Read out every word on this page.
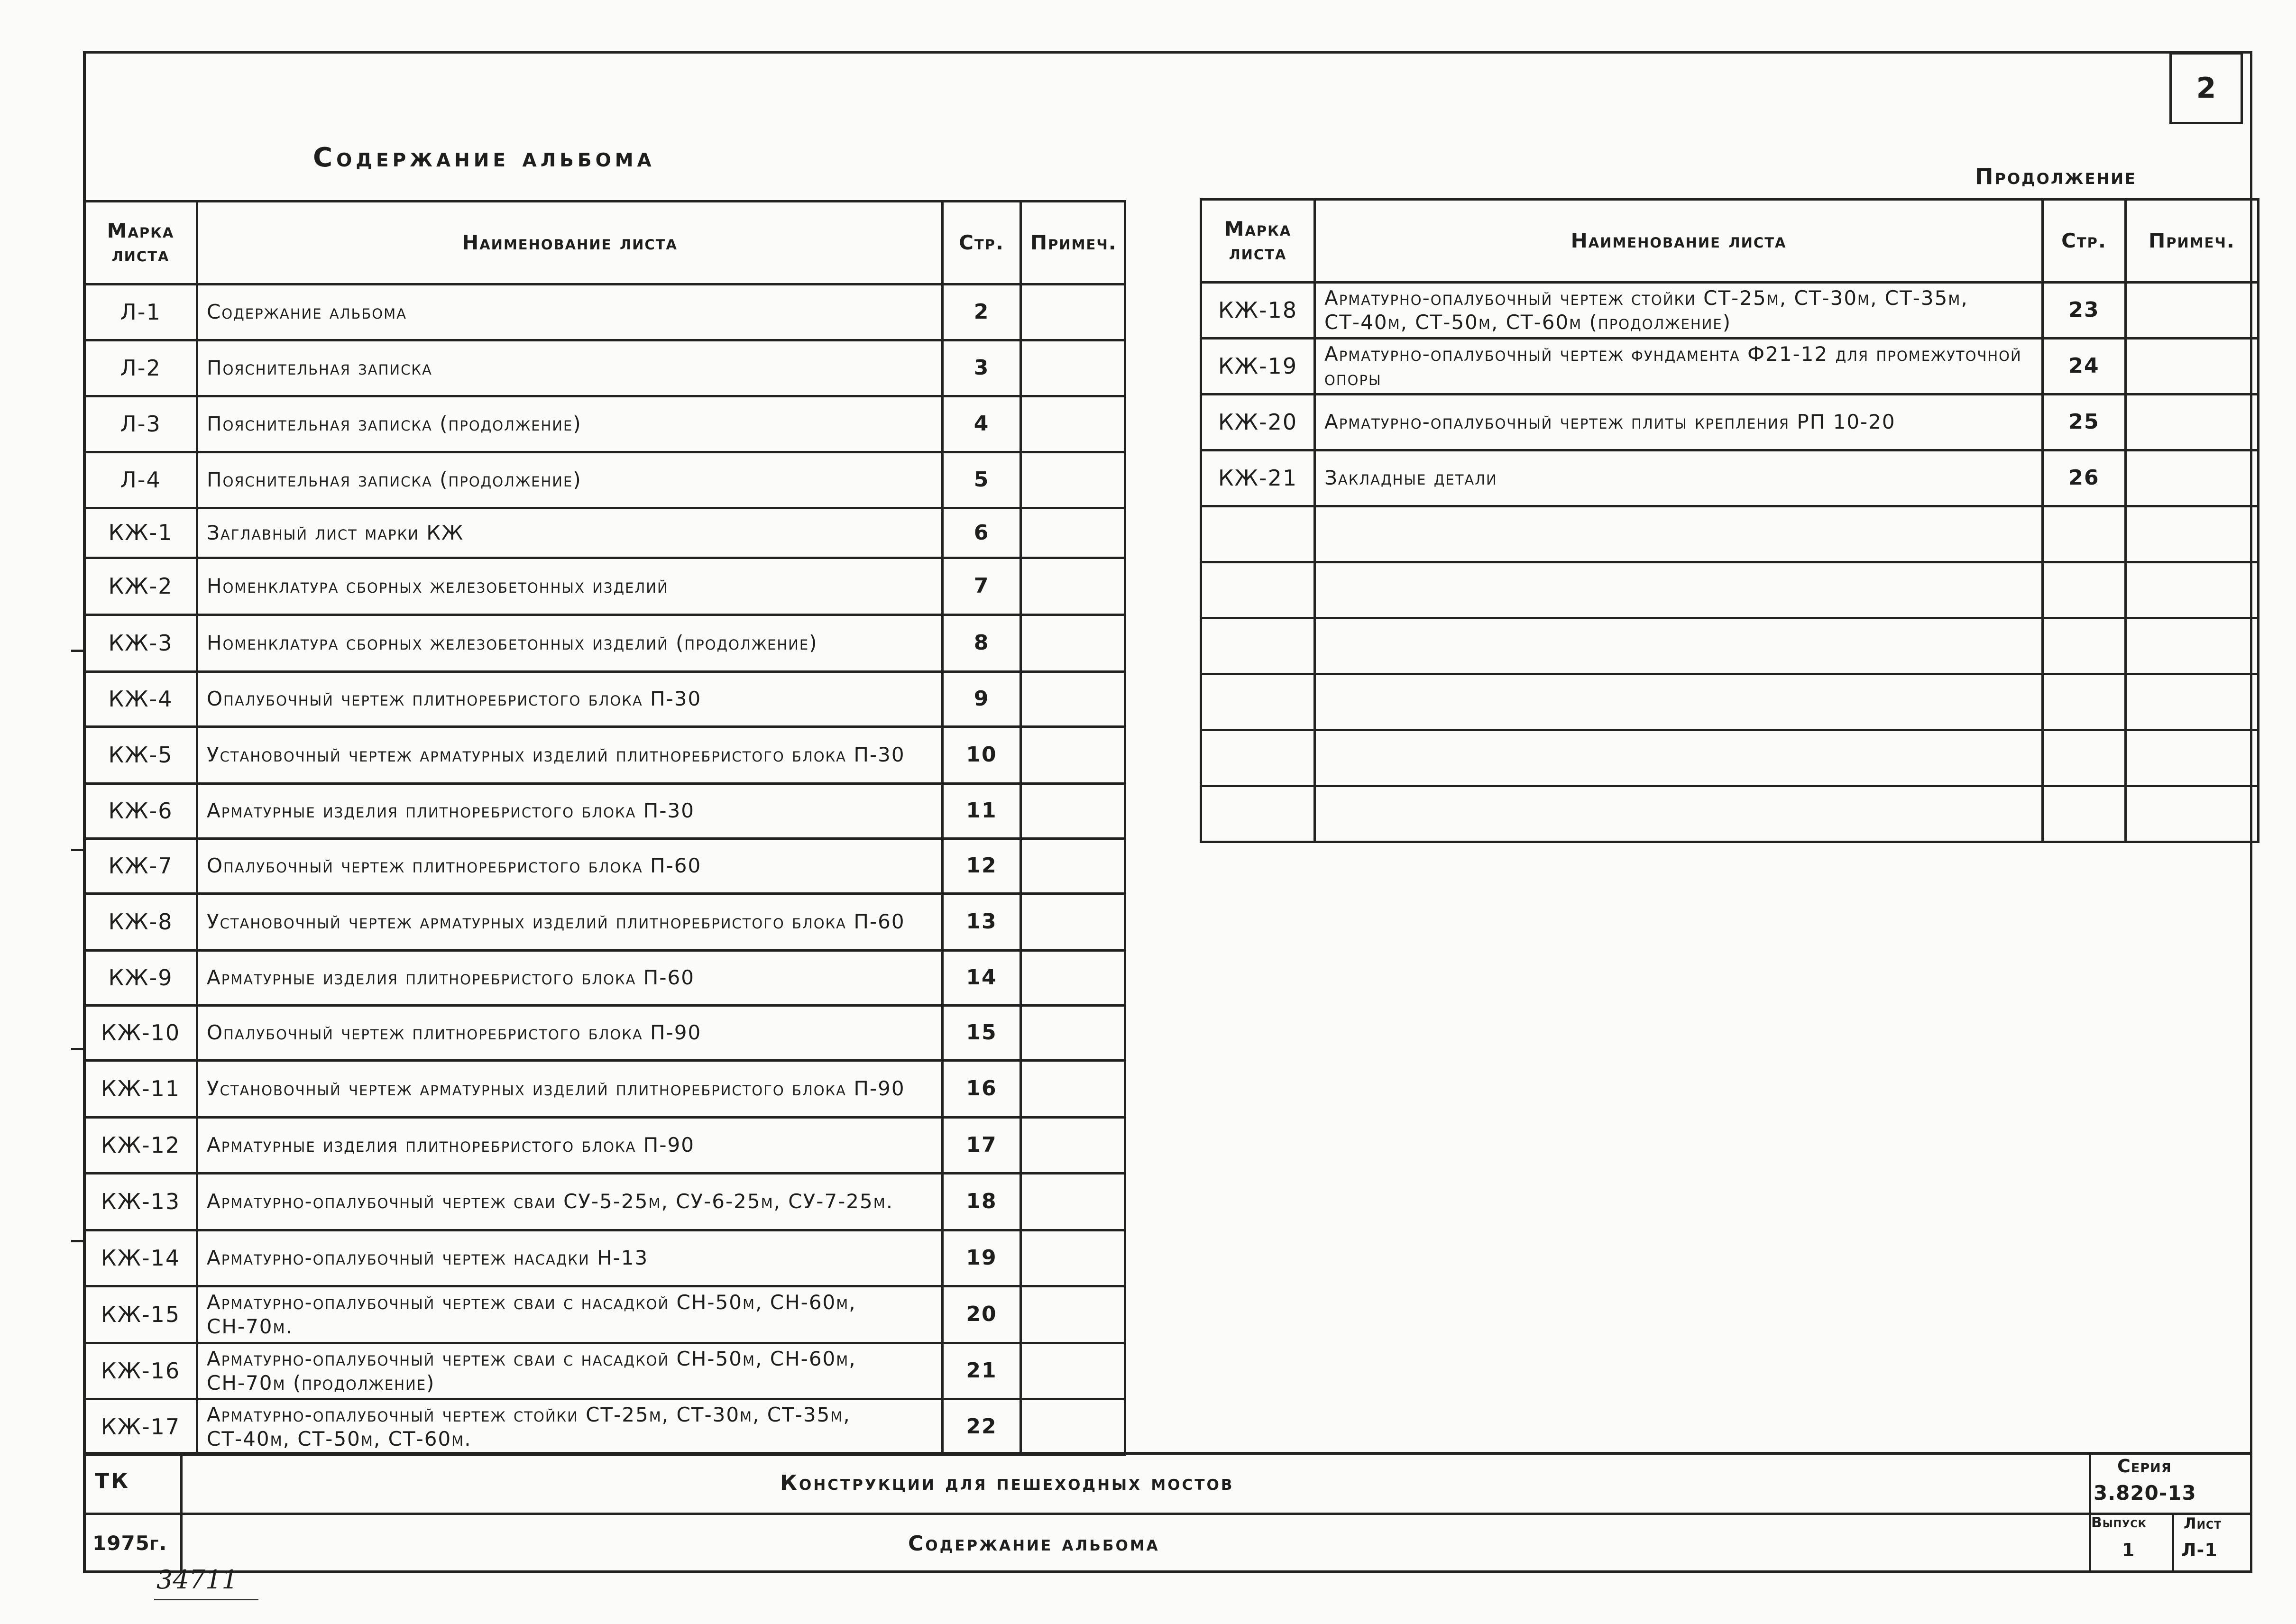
2
Содержание альбома
Продолжение
Марка листа	Наименование листа	Стр.	Примеч.
Л-1	Содержание альбома	2	
Л-2	Пояснительная записка	3	
Л-3	Пояснительная записка (продолжение)	4	
Л-4	Пояснительная записка (продолжение)	5	
КЖ-1	Заглавный лист марки КЖ	6	
КЖ-2	Номенклатура сборных железобетонных изделий	7	
КЖ-3	Номенклатура сборных железобетонных изделий (продолжение)	8	
КЖ-4	Опалубочный чертеж плитноребристого блока П-30	9	
КЖ-5	Установочный чертеж арматурных изделий плитноребристого блока П-30	10	
КЖ-6	Арматурные изделия плитноребристого блока П-30	11	
КЖ-7	Опалубочный чертеж плитноребристого блока П-60	12	
КЖ-8	Установочный чертеж арматурных изделий плитноребристого блока П-60	13	
КЖ-9	Арматурные изделия плитноребристого блока П-60	14	
КЖ-10	Опалубочный чертеж плитноребристого блока П-90	15	
КЖ-11	Установочный чертеж арматурных изделий плитноребристого блока П-90	16	
КЖ-12	Арматурные изделия плитноребристого блока П-90	17	
КЖ-13	Арматурно-опалубочный чертеж сваи СУ-5-25м, СУ-6-25м, СУ-7-25м.	18	
КЖ-14	Арматурно-опалубочный чертеж насадки Н-13	19	
КЖ-15	Арматурно-опалубочный чертеж сваи с насадкой СН-50м, СН-60м, СН-70м.	20	
КЖ-16	Арматурно-опалубочный чертеж сваи с насадкой СН-50м, СН-60м, СН-70м (продолжение)	21	
КЖ-17	Арматурно-опалубочный чертеж стойки СТ-25м, СТ-30м, СТ-35м, СТ-40м, СТ-50м, СТ-60м.	22	
Марка листа	Наименование листа	Стр.	Примеч.
КЖ-18	Арматурно-опалубочный чертеж стойки СТ-25м, СТ-30м, СТ-35м, СТ-40м, СТ-50м, СТ-60м (продолжение)	23	
КЖ-19	Арматурно-опалубочный чертеж фундамента Ф21-12 для промежуточной опоры	24	
КЖ-20	Арматурно-опалубочный чертеж плиты крепления РП 10-20	25	
КЖ-21	Закладные детали	26	

ТК
1975г.
Конструкции для пешеходных мостов
Содержание альбома
Серия
3.820-13
Выпуск
1
Лист
Л-1
34711
